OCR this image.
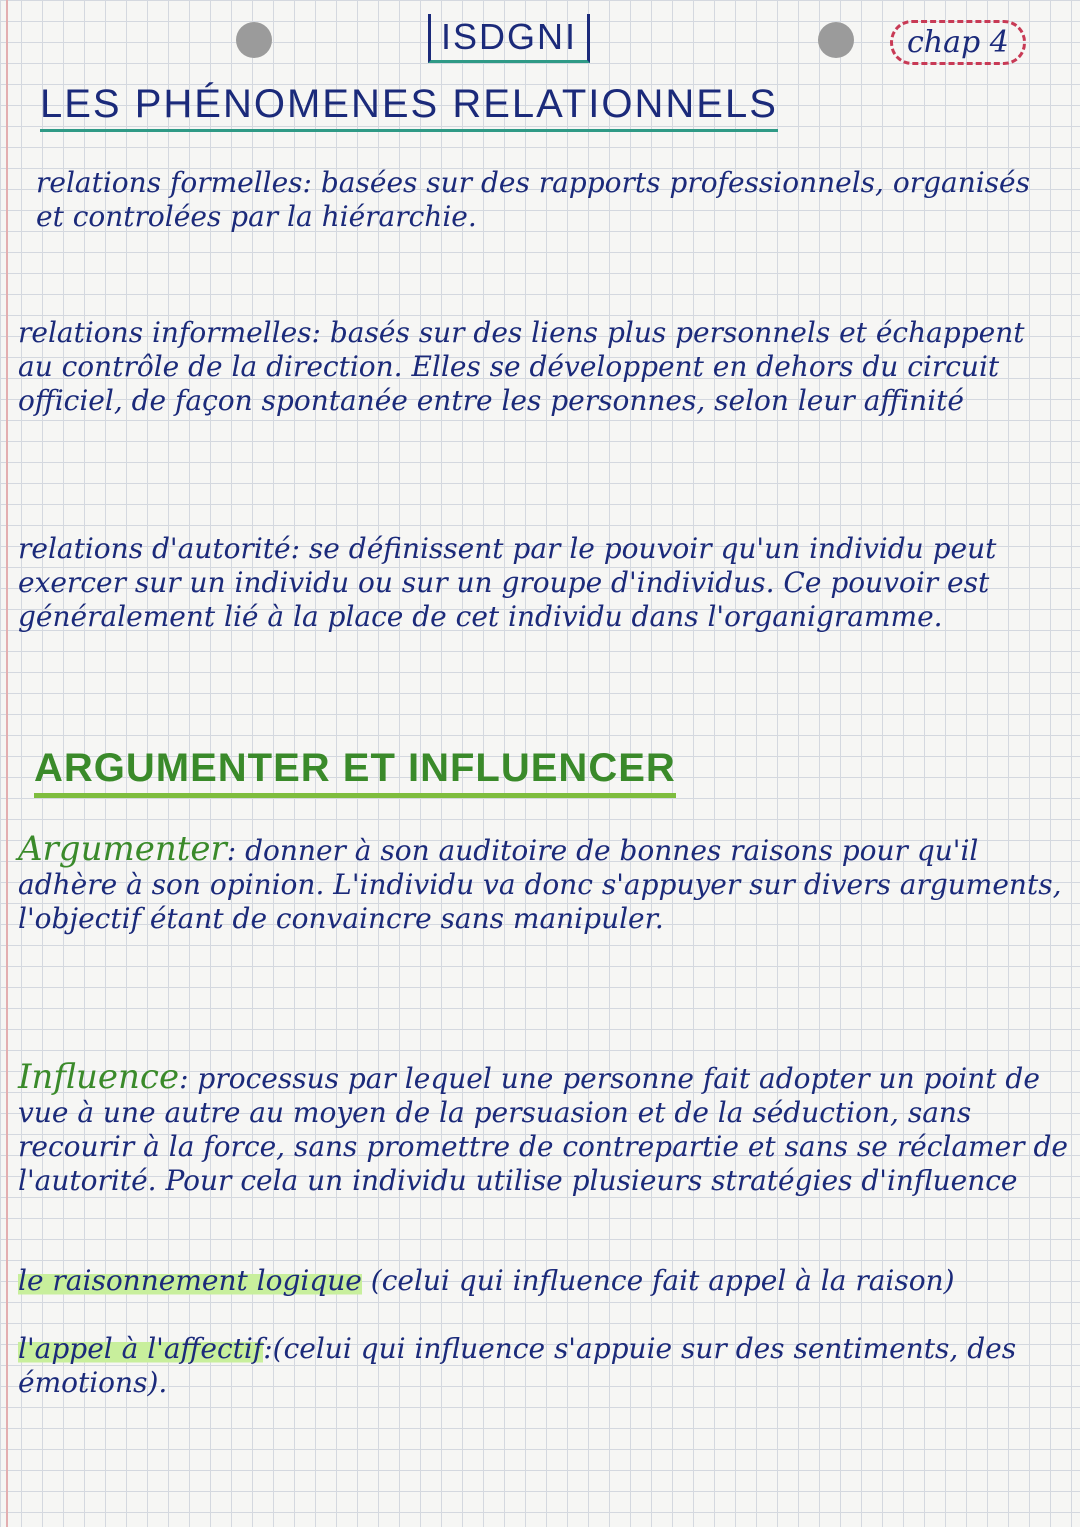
ISDGNI	chap 4
LES PHÉNOMENES RELATIONNELS
relations formelles: basées sur des rapports professionnels, organisés et controlées par la hiérarchie.
relations informelles: basés sur des liens plus personnels et échappent au contrôle de la direction. Elles se développent en dehors du circuit officiel, de façon spontanée entre les personnes, selon leur affinité
relations d'autorité: se définissent par le pouvoir qu'un individu peut exercer sur un individu ou sur un groupe d'individus. Ce pouvoir est généralement lié à la place de cet individu dans l'organigramme.
ARGUMENTER ET INFLUENCER
Argumenter: donner à son auditoire de bonnes raisons pour qu'il adhère à son opinion. L'individu va donc s'appuyer sur divers arguments, l'objectif étant de convaincre sans manipuler.
Influence: processus par lequel une personne fait adopter un point de vue à une autre au moyen de la persuasion et de la séduction, sans recourir à la force, sans promettre de contrepartie et sans se réclamer de l'autorité. Pour cela un individu utilise plusieurs stratégies d'influence
le raisonnement logique (celui qui influence fait appel à la raison)
l'appel à l'affectif:(celui qui influence s'appuie sur des sentiments, des émotions).
